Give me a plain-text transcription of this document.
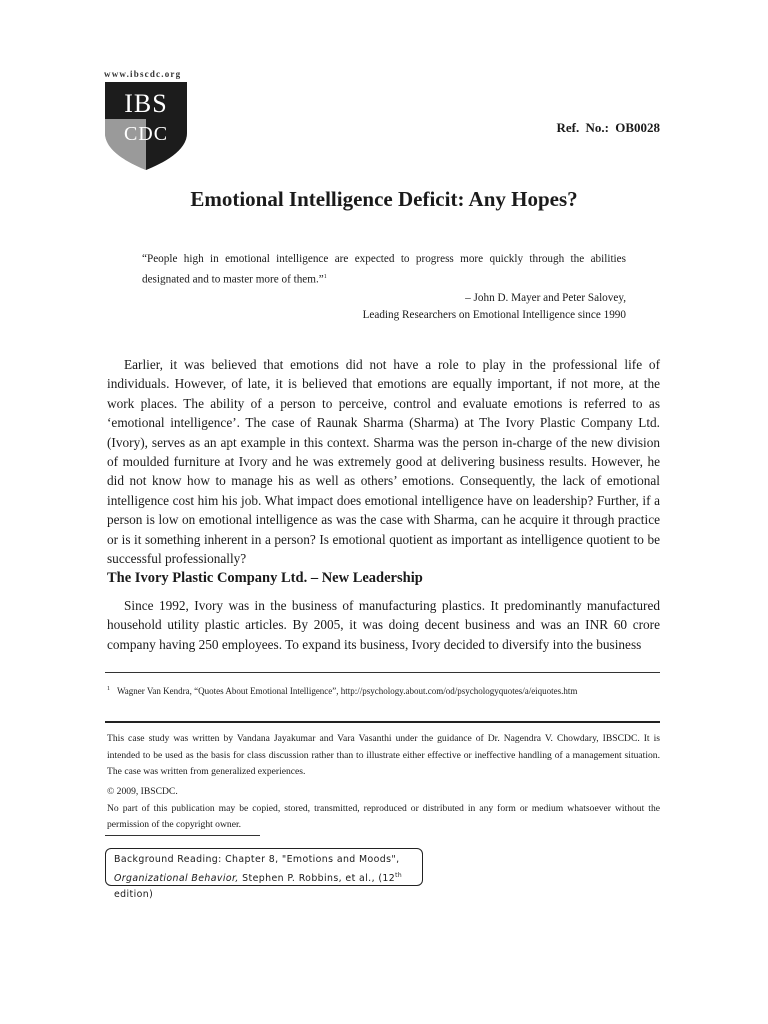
www.ibscdc.org
IBS
CDC	Ref. No.: OB0028
Emotional Intelligence Deficit: Any Hopes?
“People high in emotional intelligence are expected to progress more quickly through the abilities designated and to master more of them.”$^1$
– John D. Mayer and Peter Salovey,
Leading Researchers on Emotional Intelligence since 1990

Earlier, it was believed that emotions did not have a role to play in the professional life of individuals. However, of late, it is believed that emotions are equally important, if not more, at the work places. The ability of a person to perceive, control and evaluate emotions is referred to as ‘emotional intelligence’. The case of Raunak Sharma (Sharma) at The Ivory Plastic Company Ltd. (Ivory), serves as an apt example in this context. Sharma was the person in-charge of the new division of moulded furniture at Ivory and he was extremely good at delivering business results. However, he did not know how to manage his as well as others’ emotions. Consequently, the lack of emotional intelligence cost him his job. What impact does emotional intelligence have on leadership? Further, if a person is low on emotional intelligence as was the case with Sharma, can he acquire it through practice or is it something inherent in a person? Is emotional quotient as important as intelligence quotient to be successful professionally?

The Ivory Plastic Company Ltd. – New Leadership

Since 1992, Ivory was in the business of manufacturing plastics. It predominantly manufactured household utility plastic articles. By 2005, it was doing decent business and was an INR 60 crore company having 250 employees. To expand its business, Ivory decided to diversify into the business

$^1$ Wagner Van Kendra, “Quotes About Emotional Intelligence”, http://psychology.about.com/od/psychologyquotes/a/eiquotes.htm

This case study was written by Vandana Jayakumar and Vara Vasanthi under the guidance of Dr. Nagendra V. Chowdary, IBSCDC. It is intended to be used as the basis for class discussion rather than to illustrate either effective or ineffective handling of a management situation. The case was written from generalized experiences.

© 2009, IBSCDC.

No part of this publication may be copied, stored, transmitted, reproduced or distributed in any form or medium whatsoever without the permission of the copyright owner.

Background Reading: Chapter 8, "Emotions and Moods",
Organizational Behavior, Stephen P. Robbins, et al., (12th edition)
